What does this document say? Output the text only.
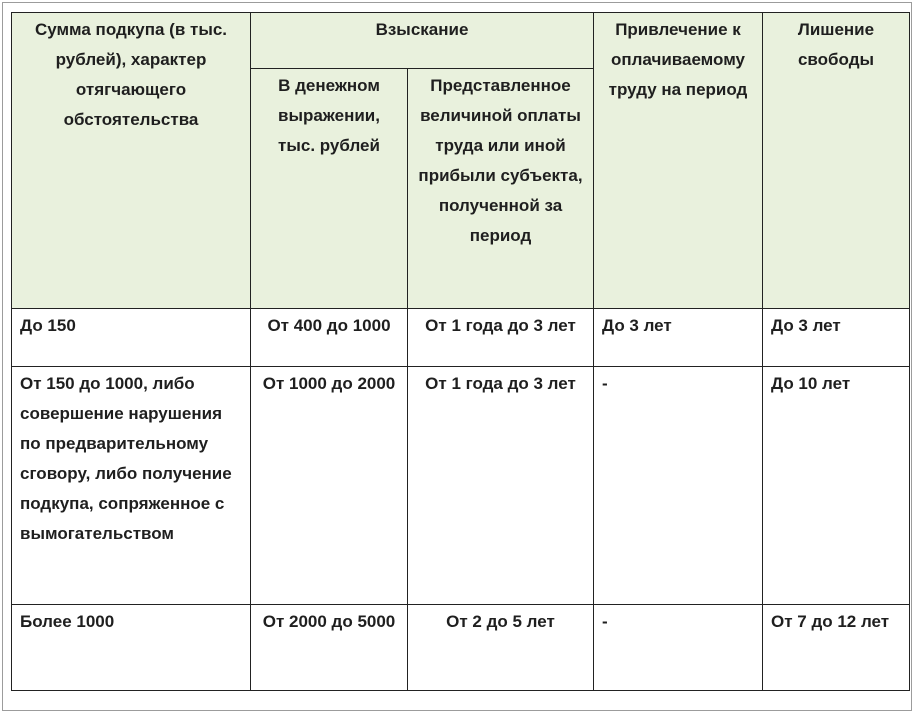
Сумма подкупа (в тыс. рублей), характер отягчающего обстоятельства	Взыскание		Привлечение к оплачиваемому труду на период	Лишение свободы
	В денежном выражении, тыс. рублей	Представленное величиной оплаты труда или иной прибыли субъекта, полученной за период		
До 150	От 400 до 1000	От 1 года до 3 лет	До 3 лет	До 3 лет
От 150 до 1000, либо совершение нарушения по предварительному сговору, либо получение подкупа, сопряженное с вымогательством	От 1000 до 2000	От 1 года до 3 лет	-	До 10 лет
Более 1000	От 2000 до 5000	От 2 до 5 лет	-	От 7 до 12 лет
